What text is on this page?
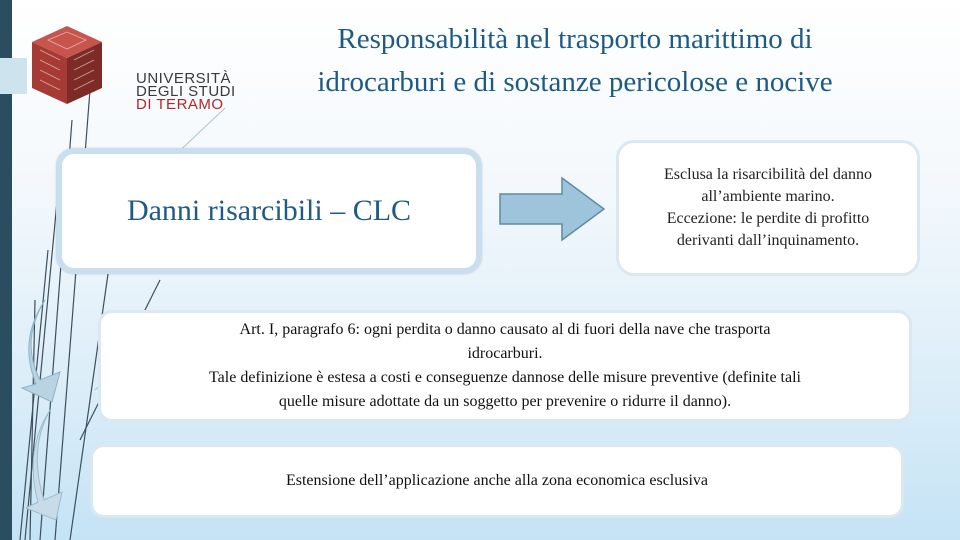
UNIVERSITÀ
DEGLI STUDI
DI TERAMO
Responsabilità nel trasporto marittimo di
idrocarburi e di sostanze pericolose e nocive
Danni risarcibili – CLC
Esclusa la risarcibilità del danno
all’ambiente marino.
Eccezione: le perdite di profitto
derivanti dall’inquinamento.
Art. I, paragrafo 6: ogni perdita o danno causato al di fuori della nave che trasporta
idrocarburi.
Tale definizione è estesa a costi e conseguenze dannose delle misure preventive (definite tali
quelle misure adottate da un soggetto per prevenire o ridurre il danno).
Estensione dell’applicazione anche alla zona economica esclusiva
